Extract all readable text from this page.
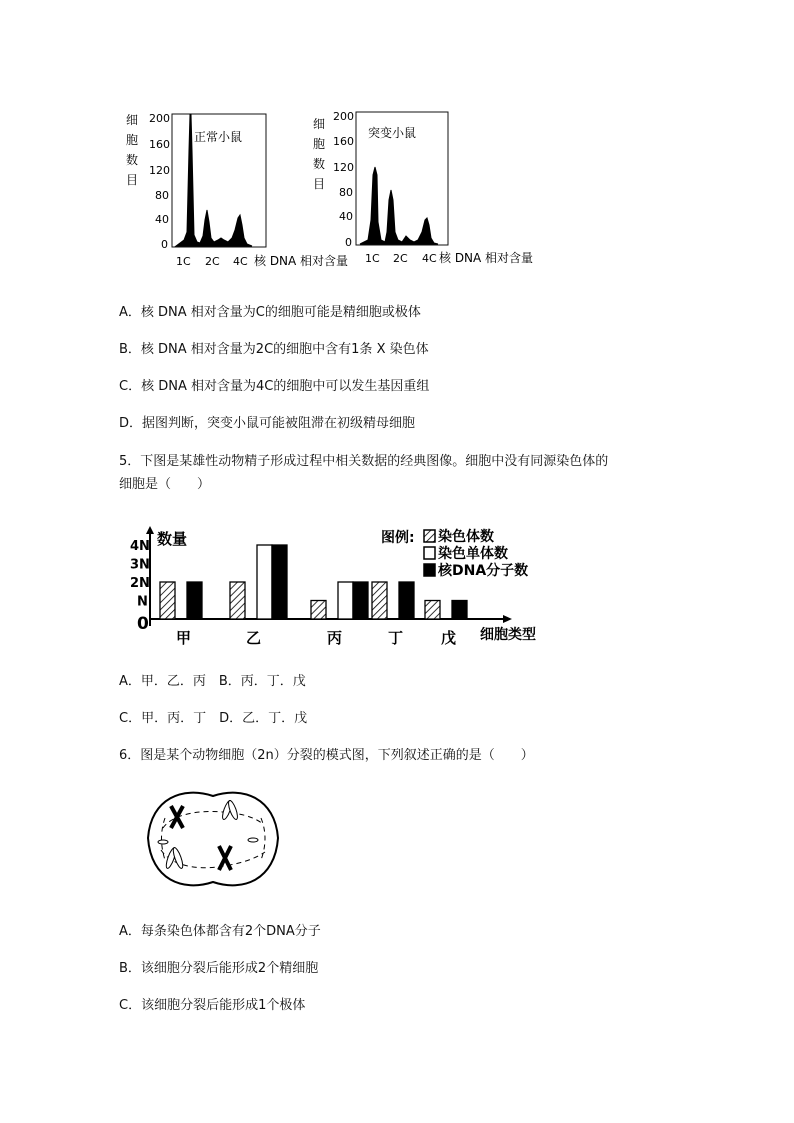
细
胞
数
目
200
160
120
80
40
0
正常小鼠
1C 2C 4C 核 DNA 相对含量
细
胞
数
目
200
160
120
80
40
0
突变小鼠
1C 2C 4C 核 DNA 相对含量
A．核 DNA 相对含量为C的细胞可能是精细胞或极体
B．核 DNA 相对含量为2C的细胞中含有1条 X 染色体
C．核 DNA 相对含量为4C的细胞中可以发生基因重组
D．据图判断，突变小鼠可能被阻滞在初级精母细胞
5．下图是某雄性动物精子形成过程中相关数据的经典图像。细胞中没有同源染色体的
细胞是（　　）
数量
细胞类型
0
N
2N
3N
4N
甲	乙	丙	丁	戊
图例: 染色体数
染色单体数
核DNA分子数
A．甲．乙．丙　B．丙．丁．戊
C．甲．丙．丁　D．乙．丁．戊
6．图是某个动物细胞（2n）分裂的模式图，下列叙述正确的是（　　）
A．每条染色体都含有2个DNA分子
B．该细胞分裂后能形成2个精细胞
C．该细胞分裂后能形成1个极体
